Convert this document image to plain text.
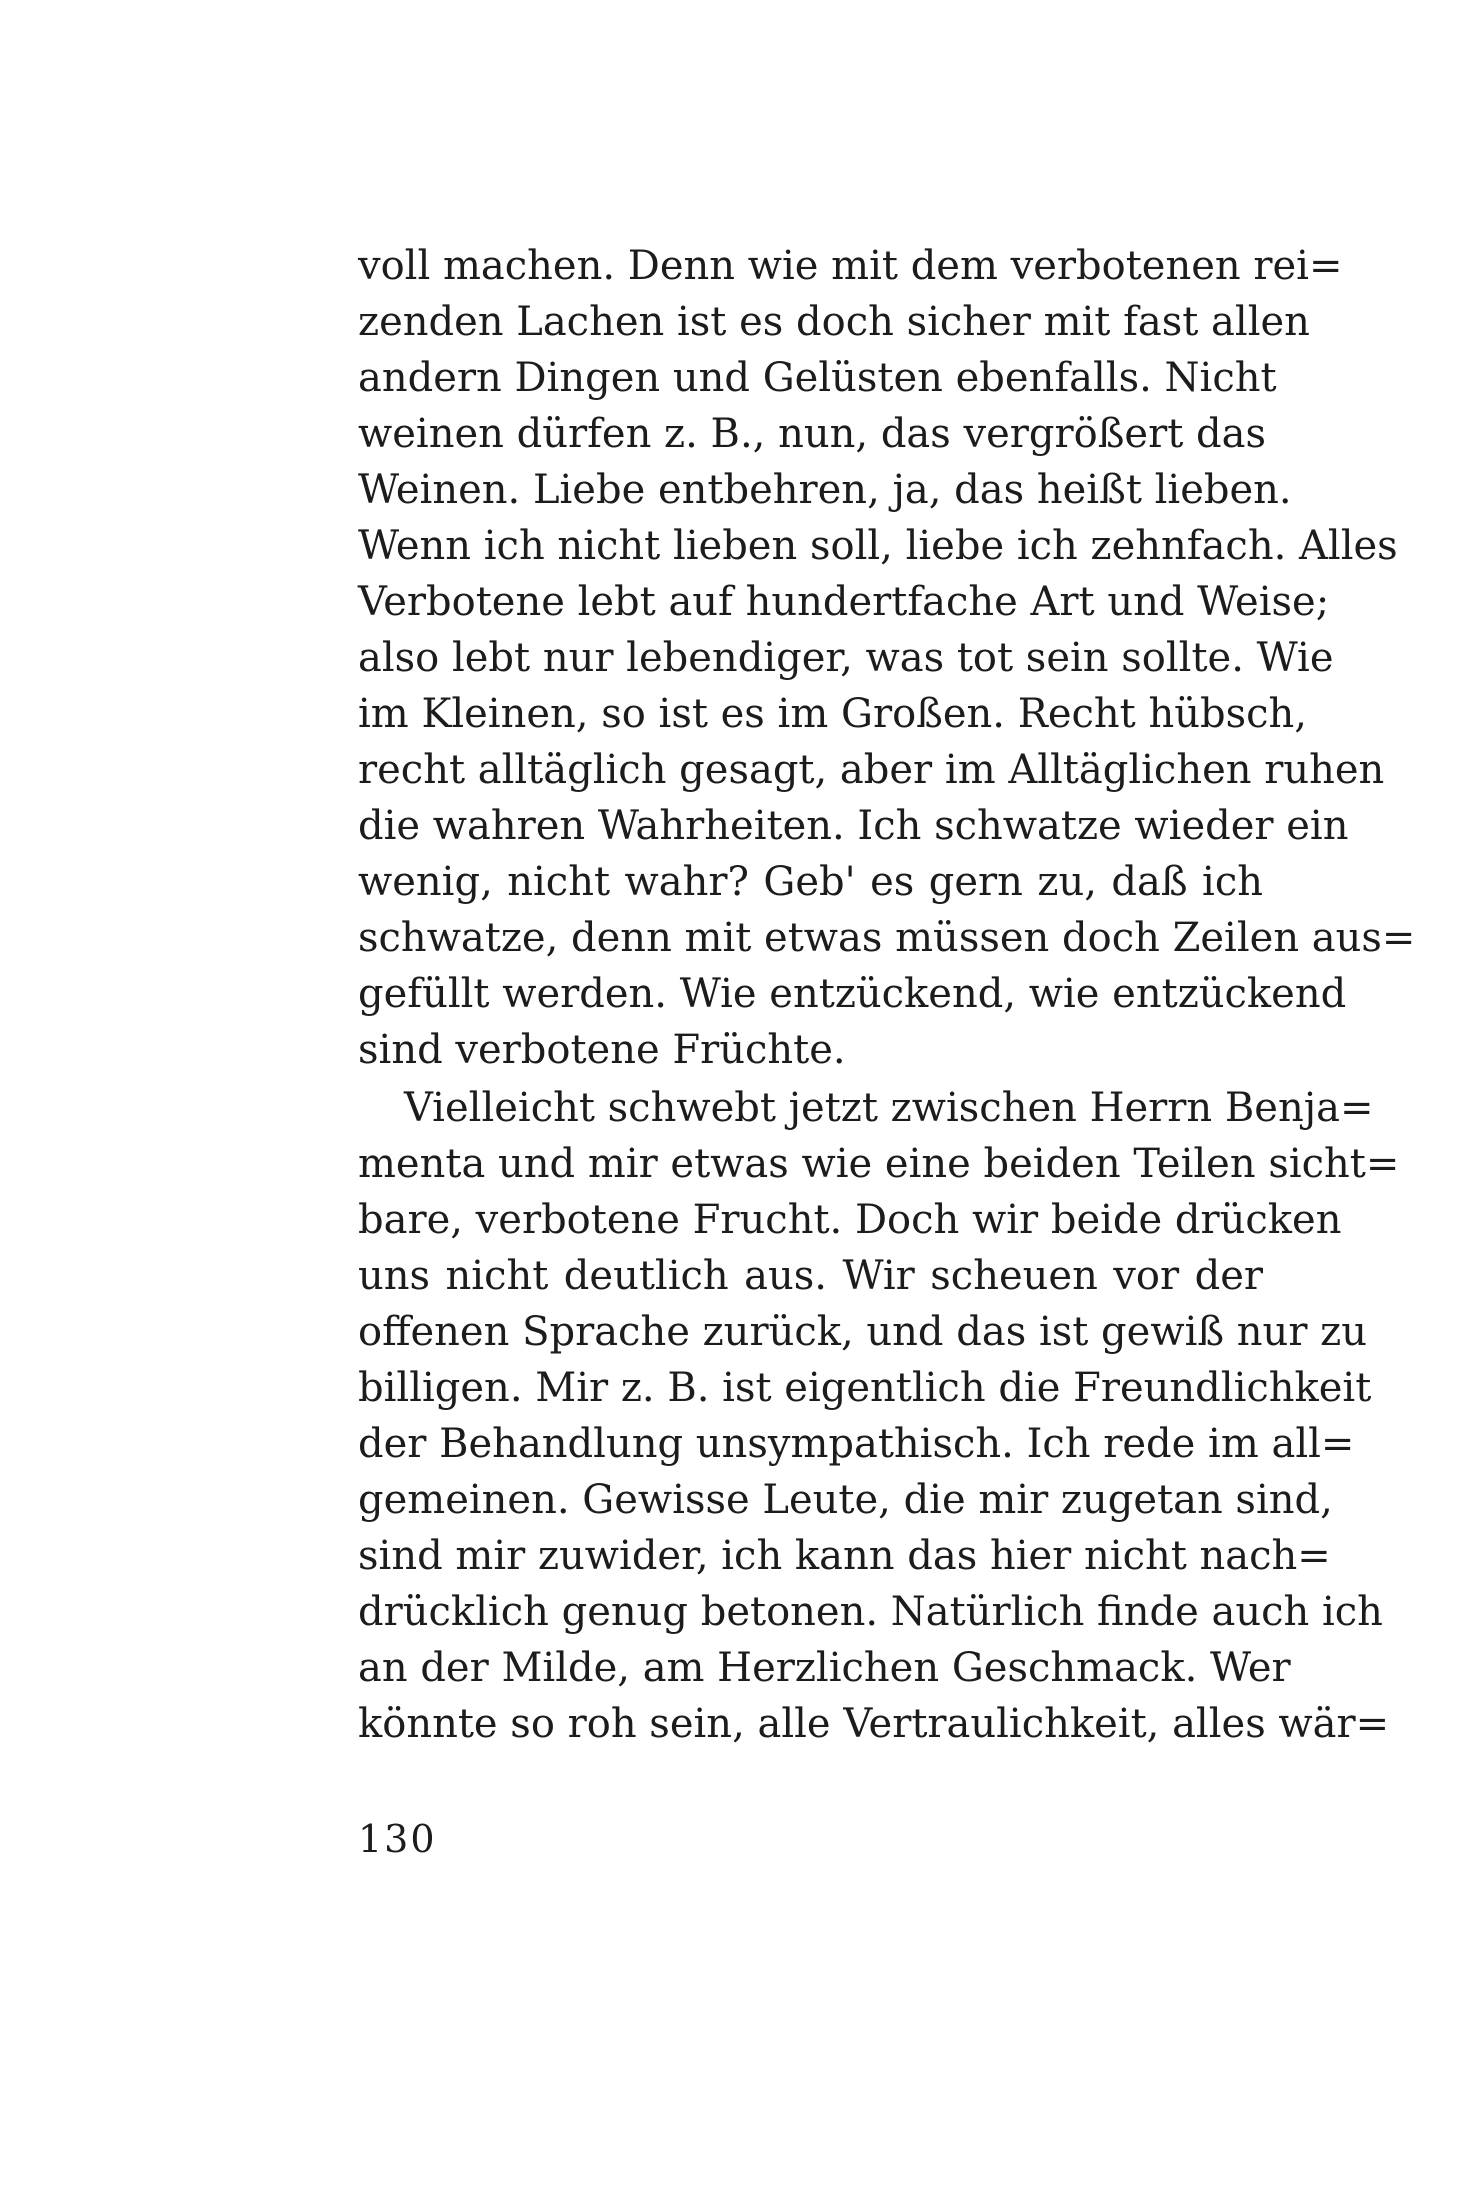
voll machen. Denn wie mit dem verbotenen rei=
zenden Lachen ist es doch sicher mit fast allen
andern Dingen und Gelüsten ebenfalls. Nicht
weinen dürfen z. B., nun, das vergrößert das
Weinen. Liebe entbehren, ja, das heißt lieben.
Wenn ich nicht lieben soll, liebe ich zehnfach. Alles
Verbotene lebt auf hundertfache Art und Weise;
also lebt nur lebendiger, was tot sein sollte. Wie
im Kleinen, so ist es im Großen. Recht hübsch,
recht alltäglich gesagt, aber im Alltäglichen ruhen
die wahren Wahrheiten. Ich schwatze wieder ein
wenig, nicht wahr? Geb' es gern zu, daß ich
schwatze, denn mit etwas müssen doch Zeilen aus=
gefüllt werden. Wie entzückend, wie entzückend
sind verbotene Früchte.
Vielleicht schwebt jetzt zwischen Herrn Benja=
menta und mir etwas wie eine beiden Teilen sicht=
bare, verbotene Frucht. Doch wir beide drücken
uns nicht deutlich aus. Wir scheuen vor der
offenen Sprache zurück, und das ist gewiß nur zu
billigen. Mir z. B. ist eigentlich die Freundlichkeit
der Behandlung unsympathisch. Ich rede im all=
gemeinen. Gewisse Leute, die mir zugetan sind,
sind mir zuwider, ich kann das hier nicht nach=
drücklich genug betonen. Natürlich finde auch ich
an der Milde, am Herzlichen Geschmack. Wer
könnte so roh sein, alle Vertraulichkeit, alles wär=
130
